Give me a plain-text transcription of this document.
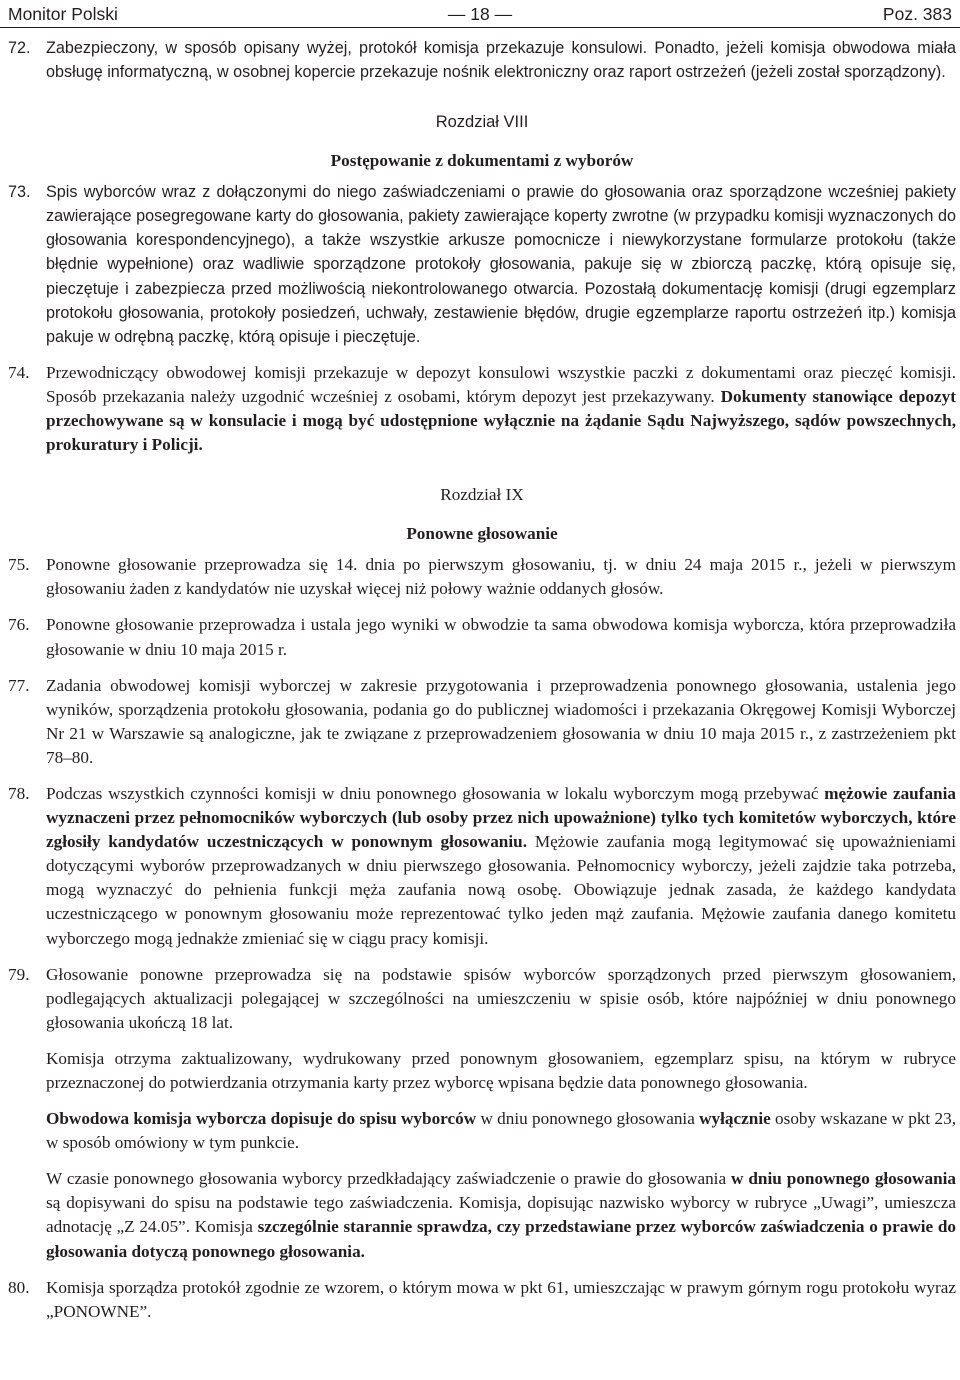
Monitor Polski	— 18 —	Poz. 383

72. Zabezpieczony, w sposób opisany wyżej, protokół komisja przekazuje konsulowi. Ponadto, jeżeli komisja obwodowa miała obsługę informatyczną, w osobnej kopercie przekazuje nośnik elektroniczny oraz raport ostrzeżeń (jeżeli został sporządzony).

Rozdział VIII

Postępowanie z dokumentami z wyborów

73. Spis wyborców wraz z dołączonymi do niego zaświadczeniami o prawie do głosowania oraz sporządzone wcześniej pakiety zawierające posegregowane karty do głosowania, pakiety zawierające koperty zwrotne (w przypadku komisji wyznaczonych do głosowania korespondencyjnego), a także wszystkie arkusze pomocnicze i niewykorzystane formularze protokołu (także błędnie wypełnione) oraz wadliwie sporządzone protokoły głosowania, pakuje się w zbiorczą paczkę, którą opisuje się, pieczętuje i zabezpiecza przed możliwością niekontrolowanego otwarcia. Pozostałą dokumentację komisji (drugi egzemplarz protokołu głosowania, protokoły posiedzeń, uchwały, zestawienie błędów, drugie egzemplarze raportu ostrzeżeń itp.) komisja pakuje w odrębną paczkę, którą opisuje i pieczętuje.

74. Przewodniczący obwodowej komisji przekazuje w depozyt konsulowi wszystkie paczki z dokumentami oraz pieczęć komisji. Sposób przekazania należy uzgodnić wcześniej z osobami, którym depozyt jest przekazywany. Dokumenty stanowiące depozyt przechowywane są w konsulacie i mogą być udostępnione wyłącznie na żądanie Sądu Najwyższego, sądów powszechnych, prokuratury i Policji.

Rozdział IX

Ponowne głosowanie

75. Ponowne głosowanie przeprowadza się 14. dnia po pierwszym głosowaniu, tj. w dniu 24 maja 2015 r., jeżeli w pierwszym głosowaniu żaden z kandydatów nie uzyskał więcej niż połowy ważnie oddanych głosów.

76. Ponowne głosowanie przeprowadza i ustala jego wyniki w obwodzie ta sama obwodowa komisja wyborcza, która przeprowadziła głosowanie w dniu 10 maja 2015 r.

77. Zadania obwodowej komisji wyborczej w zakresie przygotowania i przeprowadzenia ponownego głosowania, ustalenia jego wyników, sporządzenia protokołu głosowania, podania go do publicznej wiadomości i przekazania Okręgowej Komisji Wyborczej Nr 21 w Warszawie są analogiczne, jak te związane z przeprowadzeniem głosowania w dniu 10 maja 2015 r., z zastrzeżeniem pkt 78–80.

78. Podczas wszystkich czynności komisji w dniu ponownego głosowania w lokalu wyborczym mogą przebywać mężowie zaufania wyznaczeni przez pełnomocników wyborczych (lub osoby przez nich upoważnione) tylko tych komitetów wyborczych, które zgłosiły kandydatów uczestniczących w ponownym głosowaniu. Mężowie zaufania mogą legitymować się upoważnieniami dotyczącymi wyborów przeprowadzanych w dniu pierwszego głosowania. Pełnomocnicy wyborczy, jeżeli zajdzie taka potrzeba, mogą wyznaczyć do pełnienia funkcji męża zaufania nową osobę. Obowiązuje jednak zasada, że każdego kandydata uczestniczącego w ponownym głosowaniu może reprezentować tylko jeden mąż zaufania. Mężowie zaufania danego komitetu wyborczego mogą jednakże zmieniać się w ciągu pracy komisji.

79. Głosowanie ponowne przeprowadza się na podstawie spisów wyborców sporządzonych przed pierwszym głosowaniem, podlegających aktualizacji polegającej w szczególności na umieszczeniu w spisie osób, które najpóźniej w dniu ponownego głosowania ukończą 18 lat.

Komisja otrzyma zaktualizowany, wydrukowany przed ponownym głosowaniem, egzemplarz spisu, na którym w rubryce przeznaczonej do potwierdzania otrzymania karty przez wyborcę wpisana będzie data ponownego głosowania.

Obwodowa komisja wyborcza dopisuje do spisu wyborców w dniu ponownego głosowania wyłącznie osoby wskazane w pkt 23, w sposób omówiony w tym punkcie.

W czasie ponownego głosowania wyborcy przedkładający zaświadczenie o prawie do głosowania w dniu ponownego głosowania są dopisywani do spisu na podstawie tego zaświadczenia. Komisja, dopisując nazwisko wyborcy w rubryce „Uwagi”, umieszcza adnotację „Z 24.05”. Komisja szczególnie starannie sprawdza, czy przedstawiane przez wyborców zaświadczenia o prawie do głosowania dotyczą ponownego głosowania.

80. Komisja sporządza protokół zgodnie ze wzorem, o którym mowa w pkt 61, umieszczając w prawym górnym rogu protokołu wyraz „PONOWNE”.
